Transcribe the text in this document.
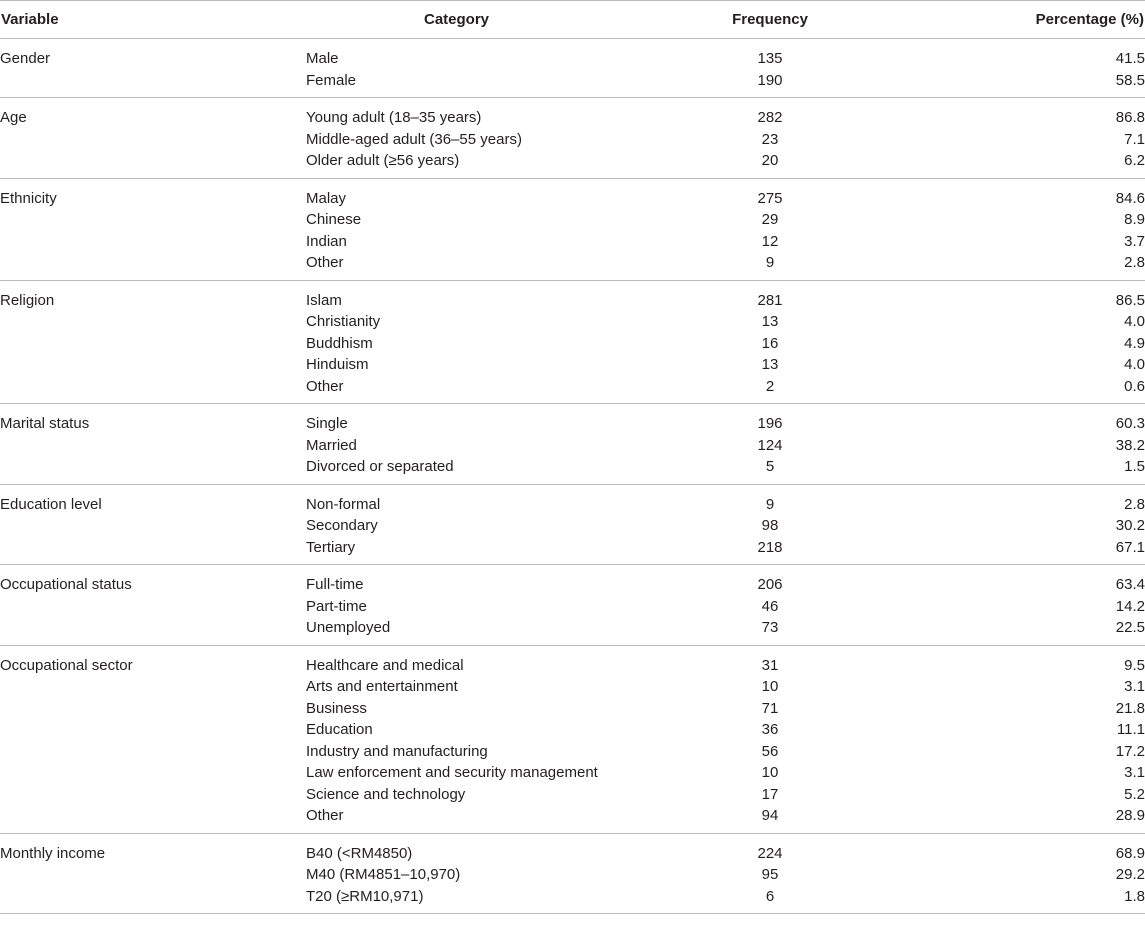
Variable	Category	Frequency	Percentage (%)
Gender	Male	135	41.5
	Female	190	58.5
Age	Young adult (18–35 years)	282	86.8
	Middle-aged adult (36–55 years)	23	7.1
	Older adult (≥56 years)	20	6.2
Ethnicity	Malay	275	84.6
	Chinese	29	8.9
	Indian	12	3.7
	Other	9	2.8
Religion	Islam	281	86.5
	Christianity	13	4.0
	Buddhism	16	4.9
	Hinduism	13	4.0
	Other	2	0.6
Marital status	Single	196	60.3
	Married	124	38.2
	Divorced or separated	5	1.5
Education level	Non-formal	9	2.8
	Secondary	98	30.2
	Tertiary	218	67.1
Occupational status	Full-time	206	63.4
	Part-time	46	14.2
	Unemployed	73	22.5
Occupational sector	Healthcare and medical	31	9.5
	Arts and entertainment	10	3.1
	Business	71	21.8
	Education	36	11.1
	Industry and manufacturing	56	17.2
	Law enforcement and security management	10	3.1
	Science and technology	17	5.2
	Other	94	28.9
Monthly income	B40 (<RM4850)	224	68.9
	M40 (RM4851–10,970)	95	29.2
	T20 (≥RM10,971)	6	1.8
